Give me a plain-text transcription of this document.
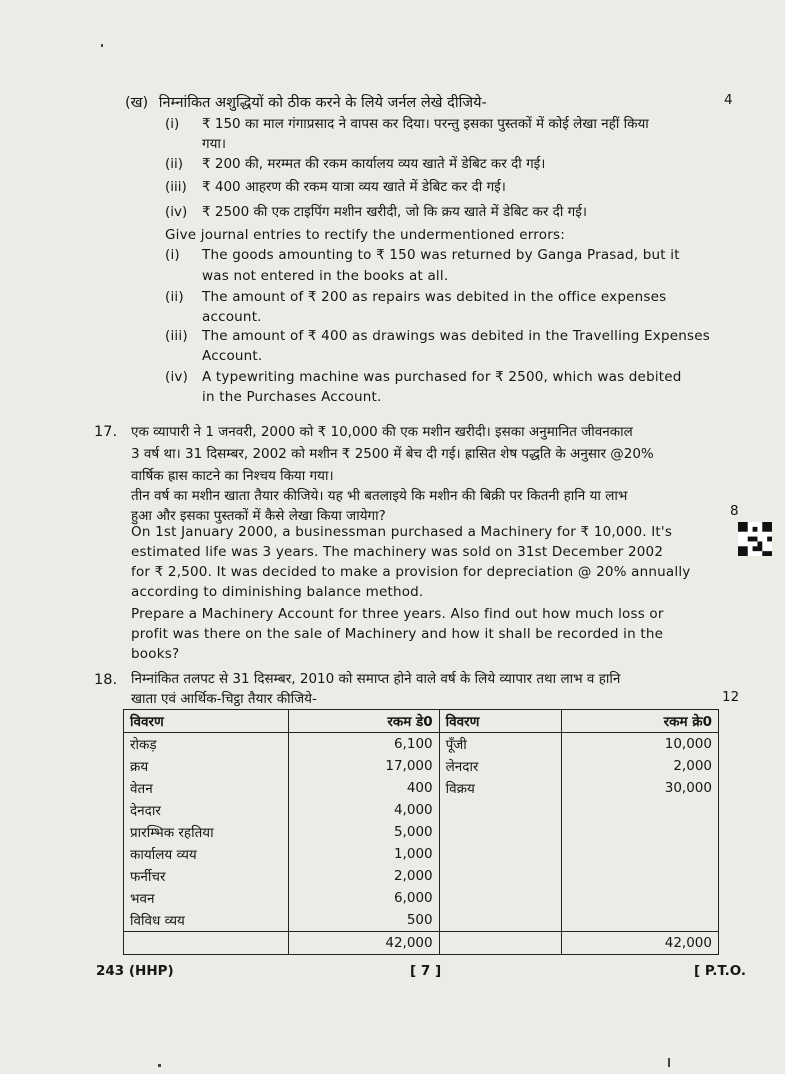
(ख) निम्नांकित अशुद्धियों को ठीक करने के लिये जर्नल लेखे दीजिये-	4
(i) ₹ 150 का माल गंगाप्रसाद ने वापस कर दिया। परन्तु इसका पुस्तकों में कोई लेखा नहीं किया
गया।
(ii) ₹ 200 की, मरम्मत की रकम कार्यालय व्यय खाते में डेबिट कर दी गई।
(iii) ₹ 400 आहरण की रकम यात्रा व्यय खाते में डेबिट कर दी गई।
(iv) ₹ 2500 की एक टाइपिंग मशीन खरीदी, जो कि क्रय खाते में डेबिट कर दी गई।
Give journal entries to rectify the undermentioned errors:
(i) The goods amounting to ₹ 150 was returned by Ganga Prasad, but it
was not entered in the books at all.
(ii) The amount of ₹ 200 as repairs was debited in the office expenses
account.
(iii) The amount of ₹ 400 as drawings was debited in the Travelling Expenses
Account.
(iv) A typewriting machine was purchased for ₹ 2500, which was debited
in the Purchases Account.
17. एक व्यापारी ने 1 जनवरी, 2000 को ₹ 10,000 की एक मशीन खरीदी। इसका अनुमानित जीवनकाल

3 वर्ष था। 31 दिसम्बर, 2002 को मशीन ₹ 2500 में बेच दी गई। ह्रासित शेष पद्धति के अनुसार @20%

वार्षिक ह्रास काटने का निश्चय किया गया।

तीन वर्ष का मशीन खाता तैयार कीजिये। यह भी बतलाइये कि मशीन की बिक्री पर कितनी हानि या लाभ

हुआ और इसका पुस्तकों में कैसे लेखा किया जायेगा?	8

On 1st January 2000, a businessman purchased a Machinery for ₹ 10,000. It's

estimated life was 3 years. The machinery was sold on 31st December 2002

for ₹ 2,500. It was decided to make a provision for depreciation @ 20% annually

according to diminishing balance method.

Prepare a Machinery Account for three years. Also find out how much loss or

profit was there on the sale of Machinery and how it shall be recorded in the

books?

18. निम्नांकित तलपट से 31 दिसम्बर, 2010 को समाप्त होने वाले वर्ष के लिये व्यापार तथा लाभ व हानि

खाता एवं आर्थिक-चिट्ठा तैयार कीजिये-	12
विवरण	रकम डे0	विवरण	रकम क्रे0
रोकड़	6,100	पूँजी	10,000
क्रय	17,000	लेनदार	2,000
वेतन	400	विक्रय	30,000
देनदार	4,000		
प्रारम्भिक रहतिया	5,000		
कार्यालय व्यय	1,000		
फर्नीचर	2,000		
भवन	6,000		
विविध व्यय	500		
	42,000		42,000
243 (HHP)	[ 7 ]	[ P.T.O.
